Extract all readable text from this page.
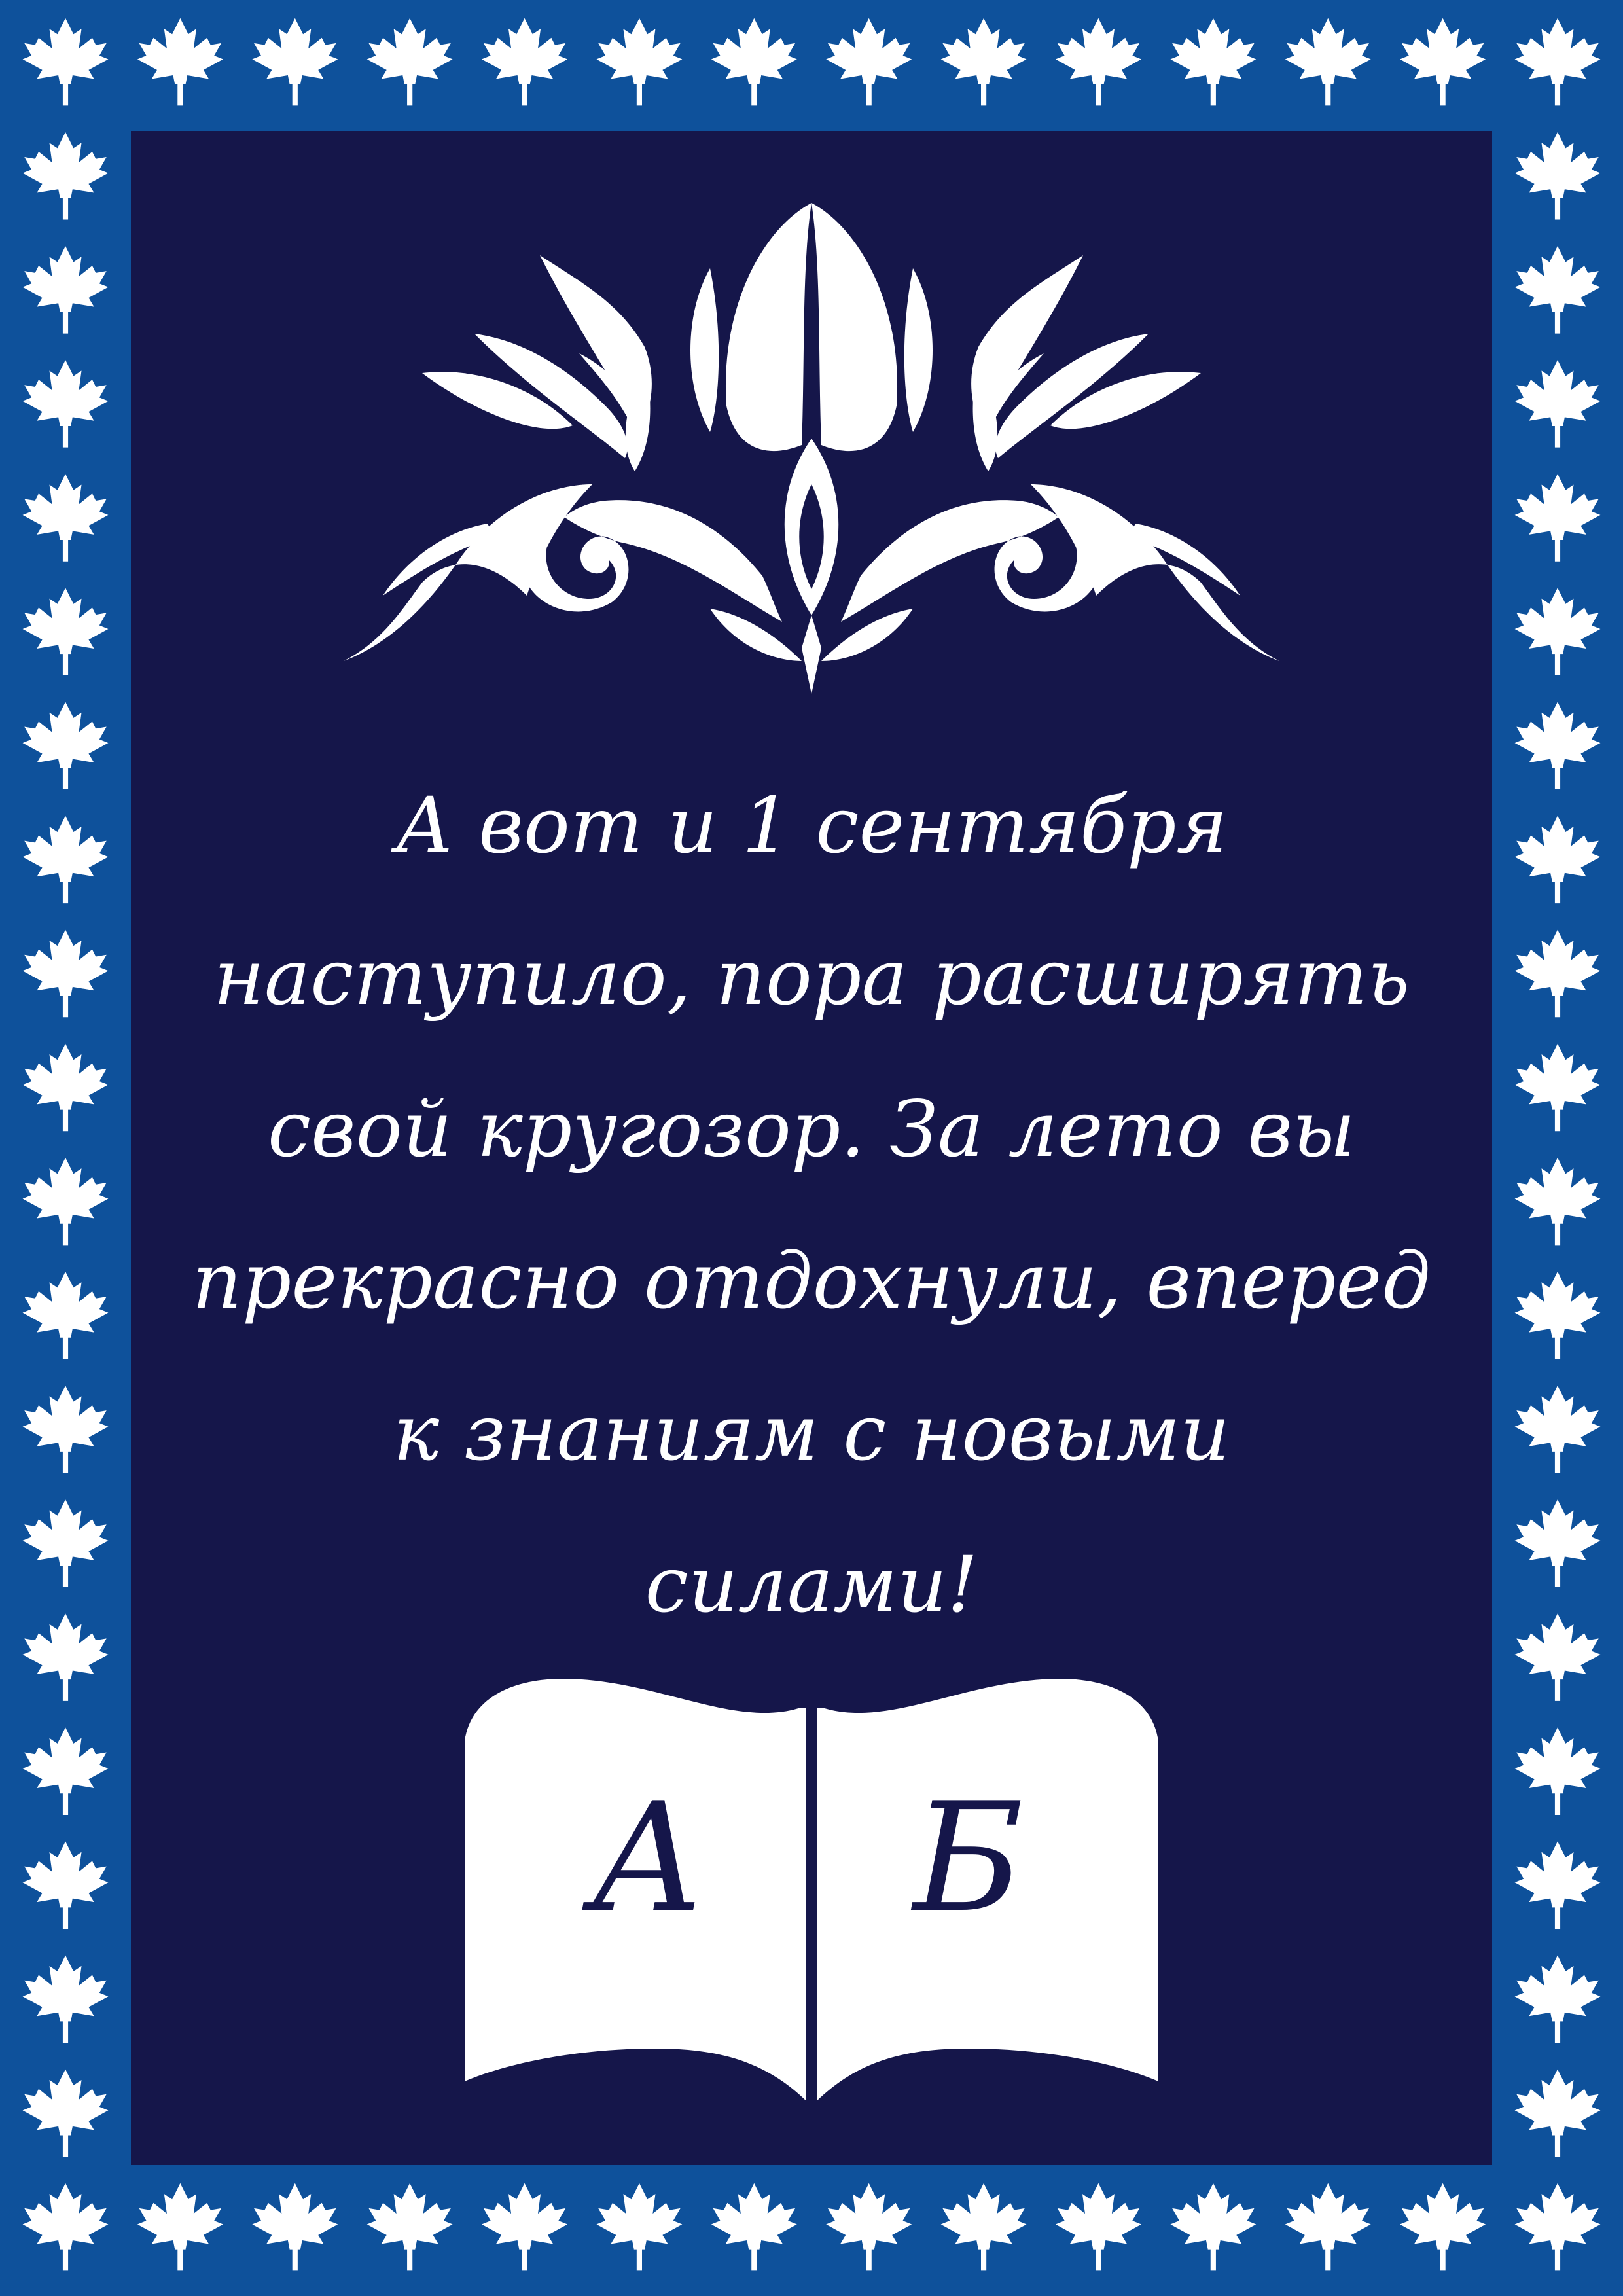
А вот и 1 сентября
наступило, пора расширять
свой кругозор. За лето вы
прекрасно отдохнули, вперед
к знаниям с новыми
силами!

А Б
